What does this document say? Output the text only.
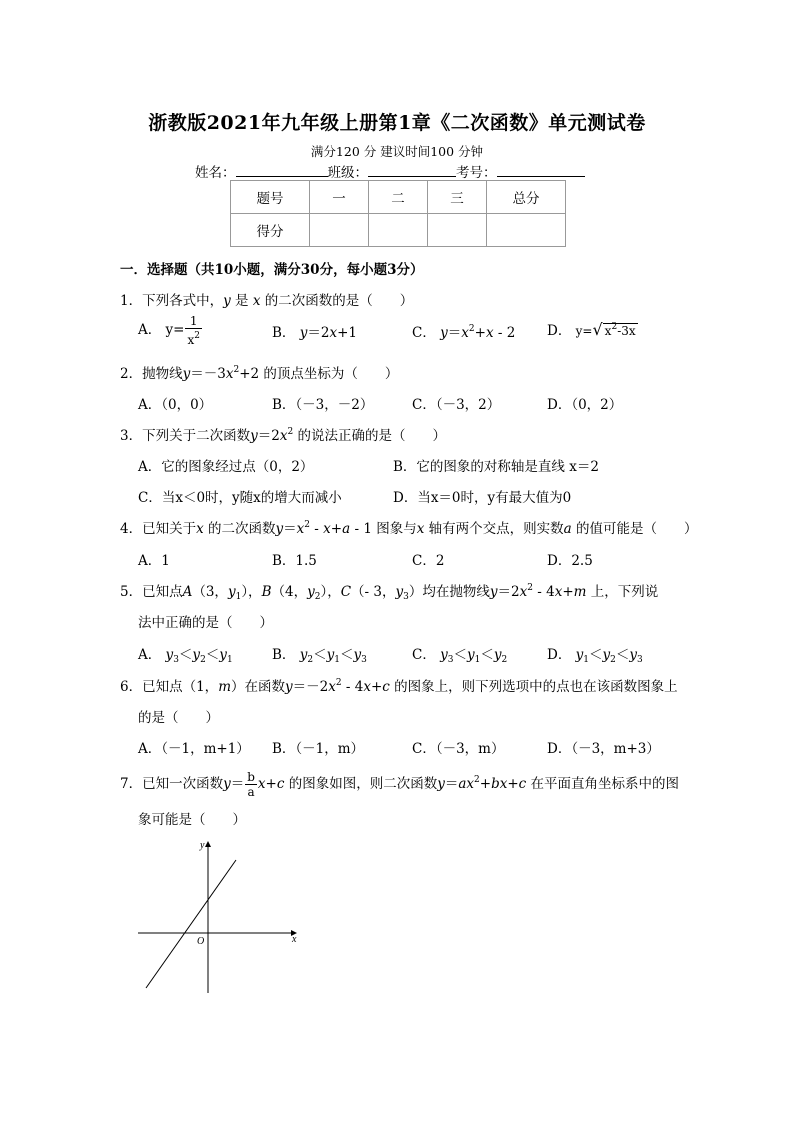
浙教版2021年九年级上册第1章《二次函数》单元测试卷
满分120 分 建议时间100 分钟
姓名：	班级：	考号：
题号	一	二	三	总分
得分				
一．选择题（共10小题，满分30分，每小题3分）
1．下列各式中，y 是 x 的二次函数的是（　　）
A． $y= \frac{1}{x^2}$	B． y＝2x+1	C． $y=x^2+x - 2$ D． y=√ $x^2-3x$
2．抛物线$y=-3x^2+2$ 的顶点坐标为（　　）
A．（0，0）	B．（－3，－2）	C．（－3，2）	D．（0，2）
3．下列关于二次函数$y=2x^2$ 的说法正确的是（　　）
A．它的图象经过点（0，2）	B．它的图象的对称轴是直线 x＝2
C．当x＜0时，y随x的增大而减小	D．当x＝0时，y有最大值为0
4．已知关于x 的二次函数$y=x^2 - x+a - 1$ 图象与x 轴有两个交点，则实数a 的值可能是（　　）
A．1	B．1.5	C．2	D．2.5
5．已知点A（3，$y_1$），B（4，$y_2$），C（- 3，$y_3$）均在抛物线$y=2x^2 - 4x+m$ 上，下列说
法中正确的是（　　）
A． $y_3<y_2<y_1$	B． $y_2<y_1<y_3$	C． $y_3<y_1<y_2$	D． $y_1<y_2<y_3$
6．已知点（1，m）在函数$y=-2x^2 - 4x+c$ 的图象上，则下列选项中的点也在该函数图象上
的是（　　）
A．（－1，m+1） B．（－1，m）	C．（－3，m）	D．（－3，m+3）
7．已知一次函数$y= \frac{b}{a} x+c$ 的图象如图，则二次函数$y=ax^2+bx+c$ 在平面直角坐标系中的图
象可能是（　　）
x
y
O
